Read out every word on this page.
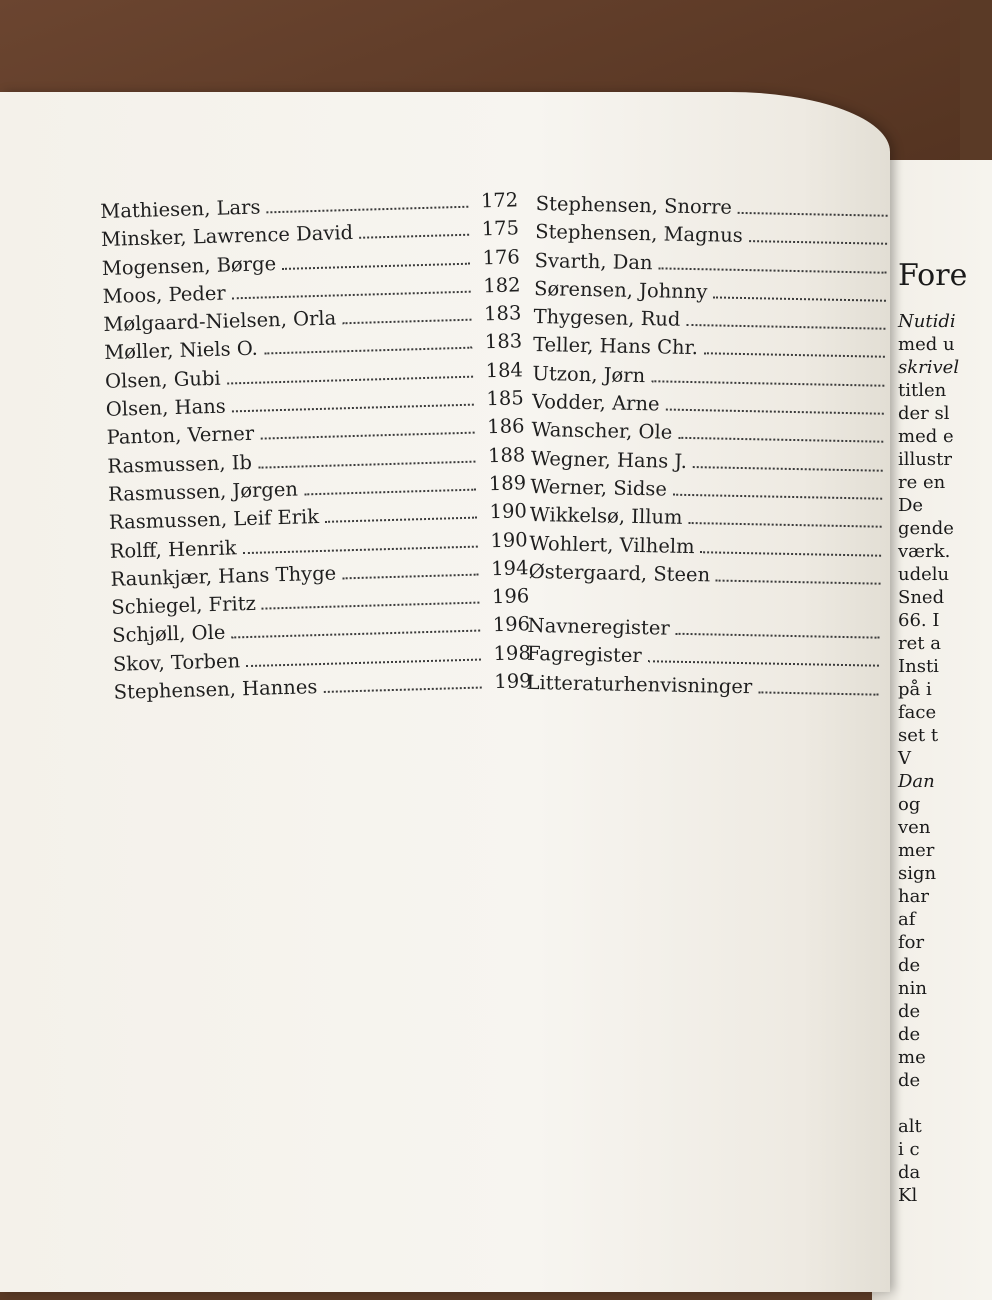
Mathiesen, Lars	172
Minsker, Lawrence David	175
Mogensen, Børge	176
Moos, Peder	182
Mølgaard-Nielsen, Orla	183
Møller, Niels O.	183
Olsen, Gubi	184
Olsen, Hans	185
Panton, Verner	186
Rasmussen, Ib	188
Rasmussen, Jørgen	189
Rasmussen, Leif Erik	190
Rolff, Henrik	190
Raunkjær, Hans Thyge	194
Schiegel, Fritz	196
Schjøll, Ole	196
Skov, Torben	198
Stephensen, Hannes	199
Stephensen, Snorre
Stephensen, Magnus
Svarth, Dan
Sørensen, Johnny
Thygesen, Rud
Teller, Hans Chr.
Utzon, Jørn
Vodder, Arne
Wanscher, Ole
Wegner, Hans J.
Werner, Sidse
Wikkelsø, Illum
Wohlert, Vilhelm
Østergaard, Steen
Navneregister
Fagregister
Litteraturhenvisninger
Fore
Nutidi
med u
skrivel
titlen
der sl
med e
illustr
re en
De
gende
værk.
udelu
Sned
66. I
ret a
Insti
på i
face
set t
V
Dan
og
ven
mer
sign
har
af
for
de
nin
de
de
me
de

alt
i c
da
Kl
